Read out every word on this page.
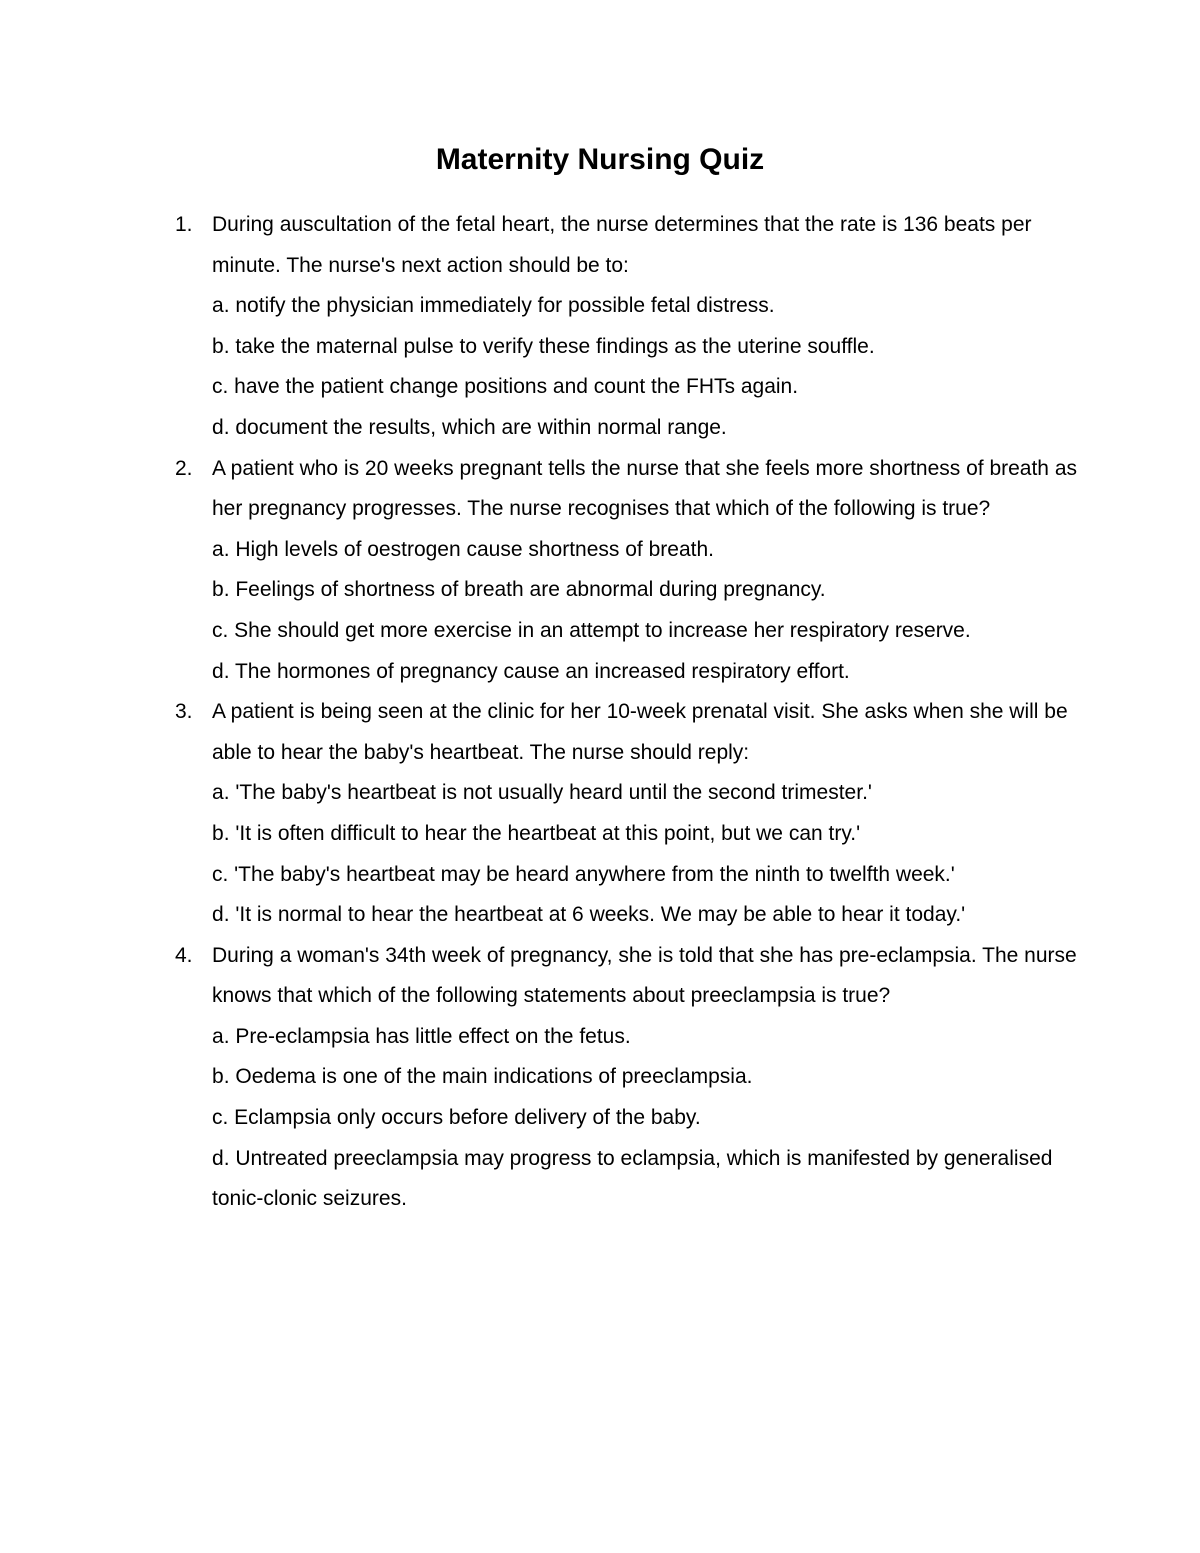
Maternity Nursing Quiz
1. During auscultation of the fetal heart, the nurse determines that the rate is 136 beats per minute. The nurse's next action should be to:
a . notify the physician immediately for possible fetal distress.
b . take the maternal pulse to verify these findings as the uterine souffle.
c . have the patient change positions and count the FHTs again.
d . document the results, which are within normal range.
2. A patient who is 20 weeks pregnant tells the nurse that she feels more shortness of breath as her pregnancy progresses. The nurse recognises that which of the following is true?
a . High levels of oestrogen cause shortness of breath.
b . Feelings of shortness of breath are abnormal during pregnancy.
c . She should get more exercise in an attempt to increase her respiratory reserve.
d . The hormones of pregnancy cause an increased respiratory effort.
3. A patient is being seen at the clinic for her 10-week prenatal visit. She asks when she will be able to hear the baby's heartbeat. The nurse should reply:
a . 'The baby's heartbeat is not usually heard until the second trimester.'
b . 'It is often difficult to hear the heartbeat at this point, but we can try.'
c . 'The baby's heartbeat may be heard anywhere from the ninth to twelfth week.'
d . 'It is normal to hear the heartbeat at 6 weeks. We may be able to hear it today.'
4. During a woman's 34th week of pregnancy, she is told that she has pre-eclampsia. The nurse knows that which of the following statements about preeclampsia is true?
a . Pre-eclampsia has little effect on the fetus.
b . Oedema is one of the main indications of preeclampsia.
c . Eclampsia only occurs before delivery of the baby.
d . Untreated preeclampsia may progress to eclampsia, which is manifested by generalised tonic-clonic seizures.
